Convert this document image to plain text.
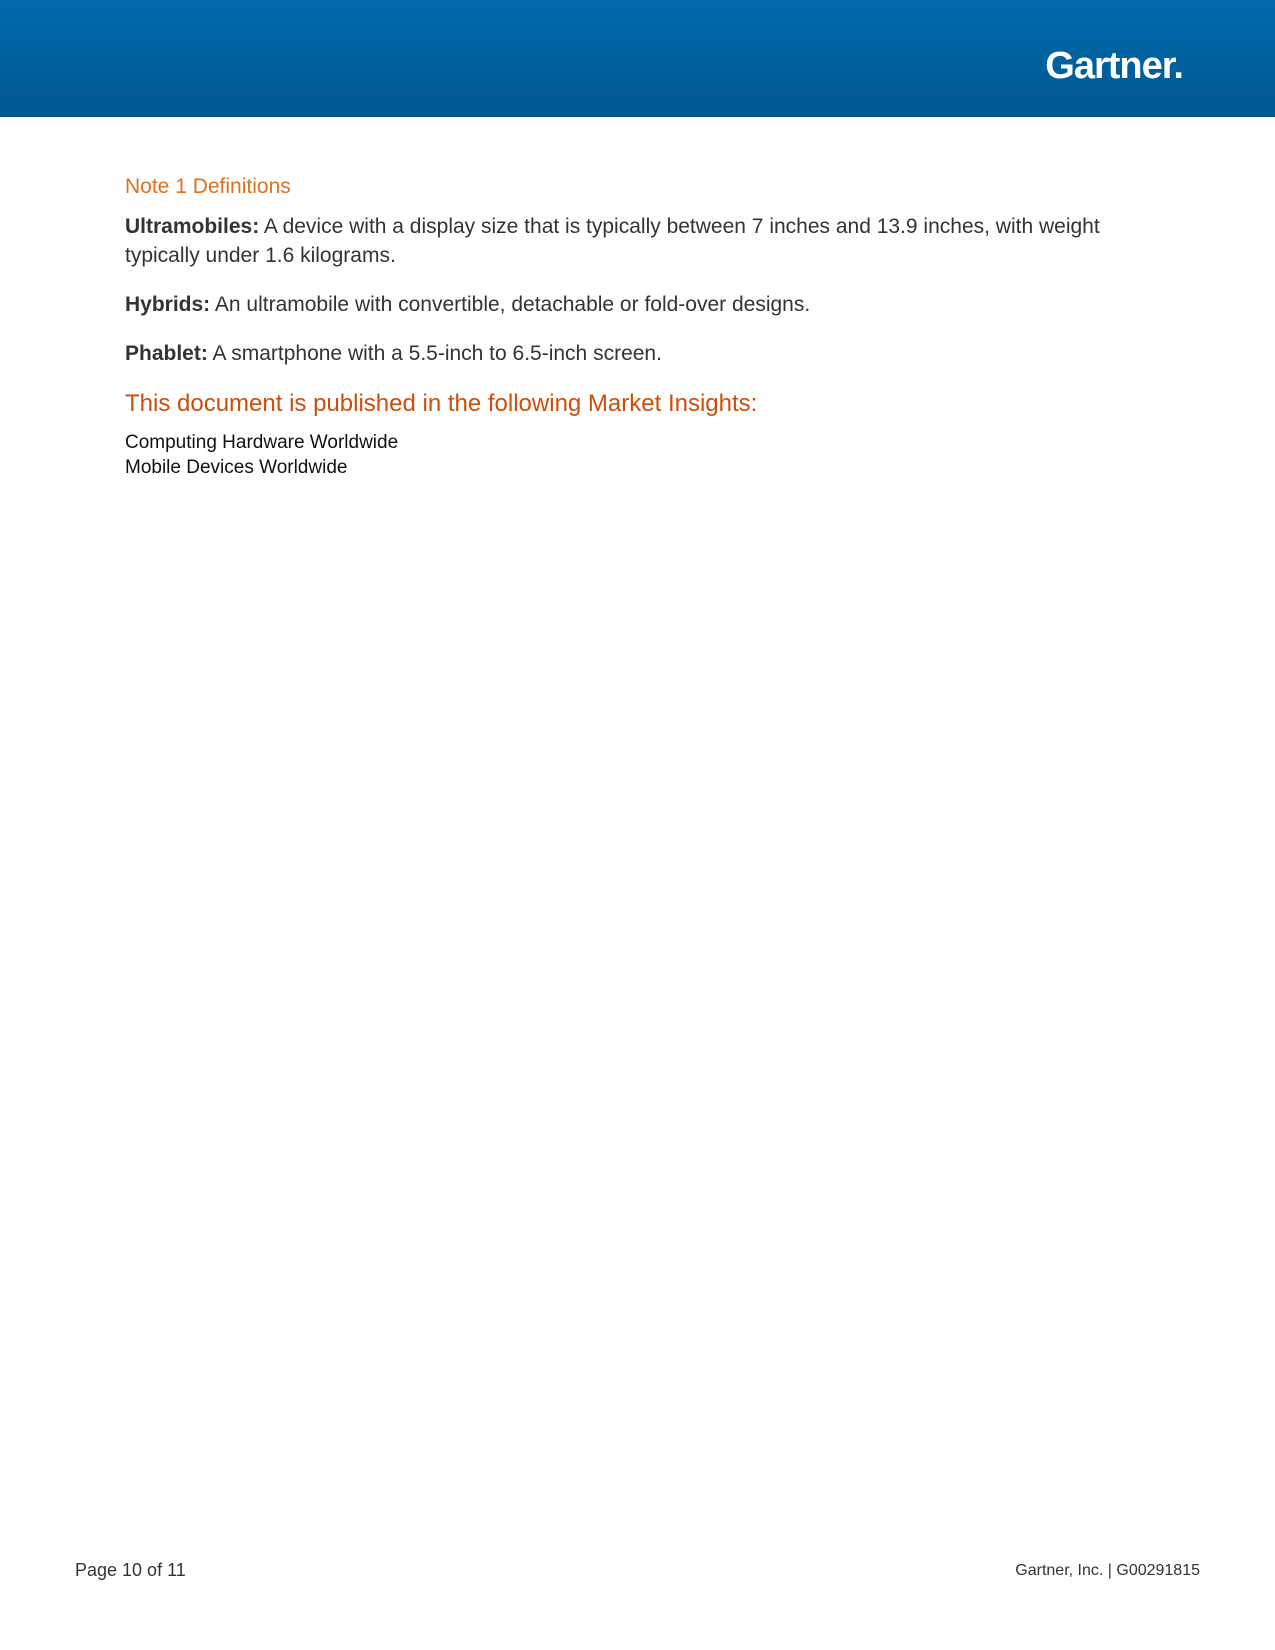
Gartner.
Note 1 Definitions

Ultramobiles: A device with a display size that is typically between 7 inches and 13.9 inches, with weight typically under 1.6 kilograms.

Hybrids: An ultramobile with convertible, detachable or fold-over designs.

Phablet: A smartphone with a 5.5-inch to 6.5-inch screen.

This document is published in the following Market Insights:
Computing Hardware Worldwide
Mobile Devices Worldwide
Page 10 of 11	Gartner, Inc. | G00291815
